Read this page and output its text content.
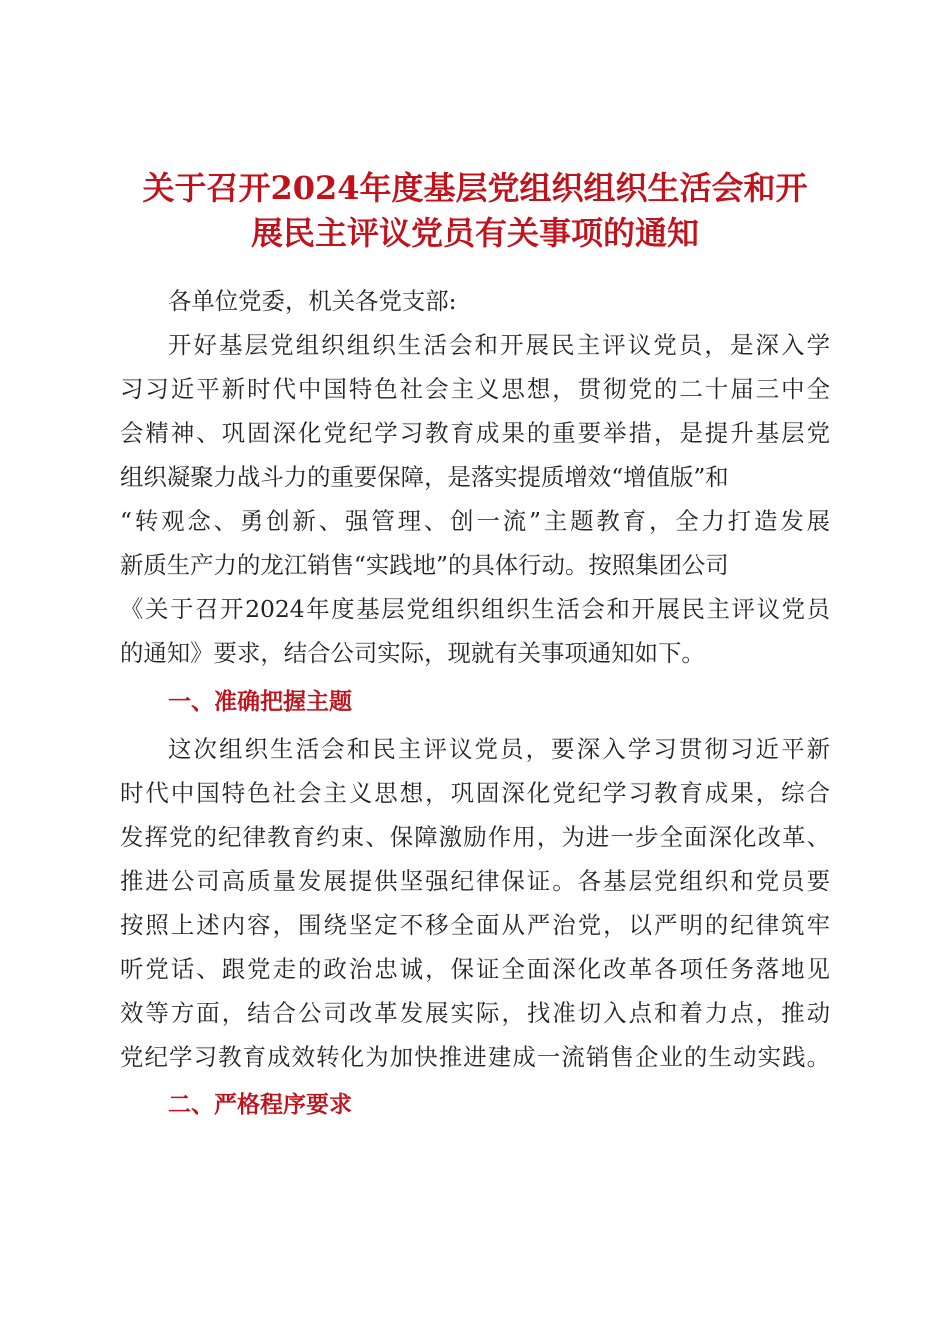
关于召开2024年度基层党组织组织生活会和开
展民主评议党员有关事项的通知
各单位党委，机关各党支部:
开好基层党组织组织生活会和开展民主评议党员，是深入学
习习近平新时代中国特色社会主义思想，贯彻党的二十届三中全
会精神、巩固深化党纪学习教育成果的重要举措，是提升基层党
组织凝聚力战斗力的重要保障，是落实提质增效“增值版”和
“转观念、勇创新、强管理、创一流”主题教育，全力打造发展
新质生产力的龙江销售“实践地”的具体行动。按照集团公司
《关于召开2024年度基层党组织组织生活会和开展民主评议党员
的通知》要求，结合公司实际，现就有关事项通知如下。
一、准确把握主题
这次组织生活会和民主评议党员，要深入学习贯彻习近平新
时代中国特色社会主义思想，巩固深化党纪学习教育成果，综合
发挥党的纪律教育约束、保障激励作用，为进一步全面深化改革、
推进公司高质量发展提供坚强纪律保证。各基层党组织和党员要
按照上述内容，围绕坚定不移全面从严治党，以严明的纪律筑牢
听党话、跟党走的政治忠诚，保证全面深化改革各项任务落地见
效等方面，结合公司改革发展实际，找准切入点和着力点，推动
党纪学习教育成效转化为加快推进建成一流销售企业的生动实践。
二、严格程序要求
